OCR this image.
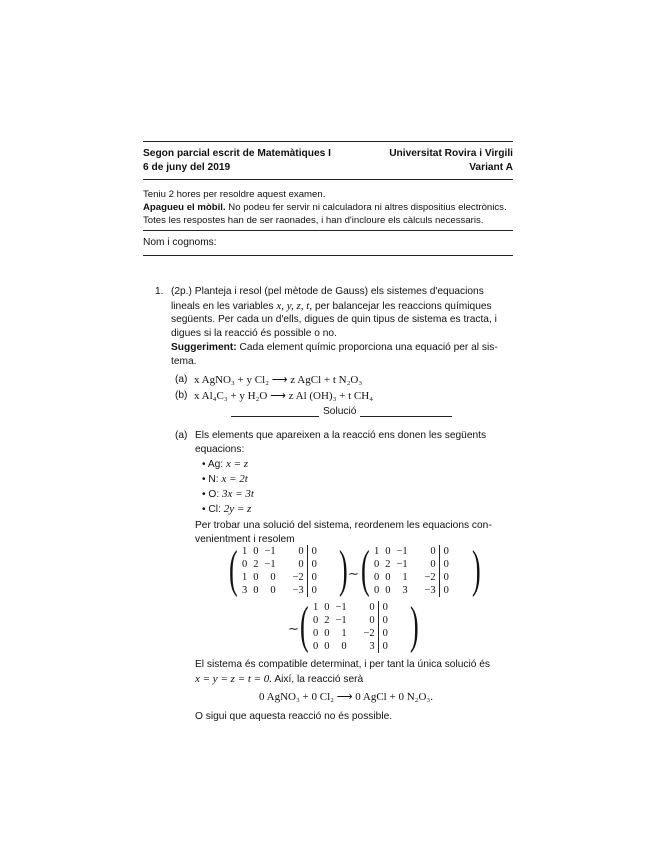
Segon parcial escrit de Matemàtiques I
6 de juny del 2019
Universitat Rovira i Virgili
Variant A
Teniu 2 hores per resoldre aquest examen.
Apagueu el mòbil. No podeu fer servir ni calculadora ni altres dispositius electrònics.
Totes les respostes han de ser raonades, i han d'incloure els càlculs necessaris.
Nom i cognoms:
1. (2p.) Planteja i resol (pel mètode de Gauss) els sistemes d'equacions
lineals en les variables x, y, z, t, per balancejar les reaccions químiques
següents. Per cada un d'ells, digues de quin tipus de sistema es tracta, i
digues si la reacció és possible o no.
Suggeriment: Cada element químic proporciona una equació per al sis-
tema.
(a) x AgNO₃ + y Cl₂ ⟶ z AgCl + t N₂O₃
(b) x Al₄C₃ + y H₂O ⟶ z Al (OH)₃ + t CH₄
Solució
(a) Els elements que apareixen a la reacció ens donen les següents
equacions:
• Ag: x = z
• N: x = 2t
• O: 3x = 3t
• Cl: 2y = z
Per trobar una solució del sistema, reordenem les equacions con-
venientment i resolem
( 1	0	−1	0	0
0	2	−1	0	0
1	0	0	−2	0
3	0	0	−3	0 ) ∼ ( 1	0	−1	0	0
0	2	−1	0	0
0	0	1	−2	0
0	0	3	−3	0 )
∼ ( 1	0	−1	0	0
0	2	−1	0	0
0	0	1	−2	0
0	0	0	3	0 )
El sistema és compatible determinat, i per tant la única solució és
x = y = z = t = 0. Així, la reacció serà
0 AgNO₃ + 0 Cl₂ ⟶ 0 AgCl + 0 N₂O₃.
O sigui que aquesta reacció no és possible.
